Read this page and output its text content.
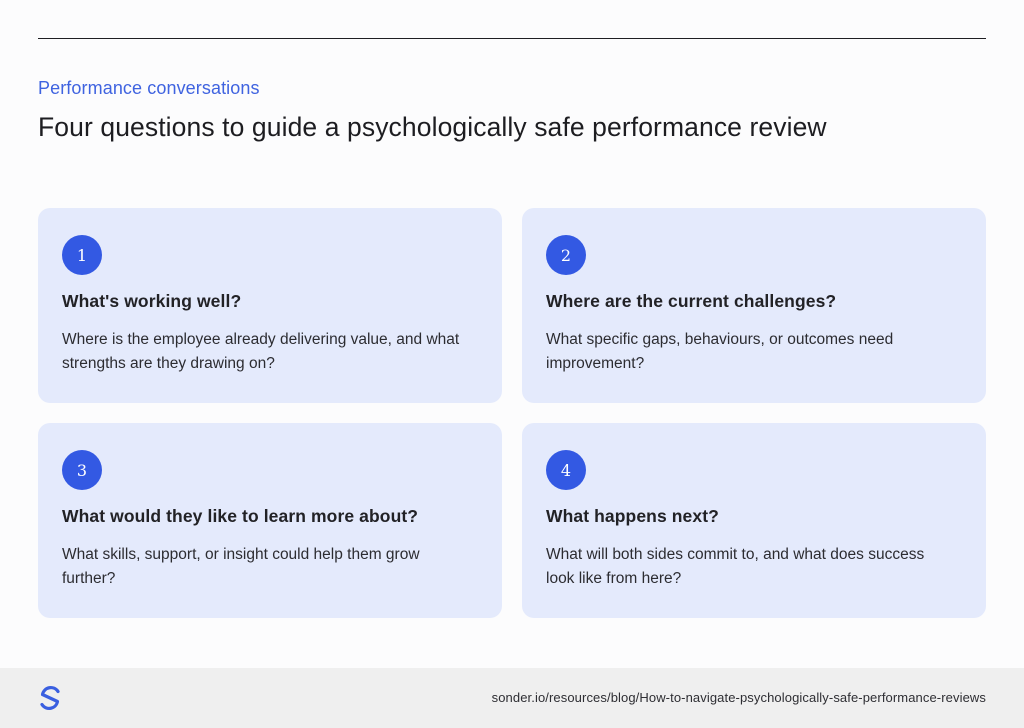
Performance conversations
Four questions to guide a psychologically safe performance review
1
What's working well?

Where is the employee already delivering value, and what strengths are they drawing on?

2
Where are the current challenges?

What specific gaps, behaviours, or outcomes need improvement?

3
What would they like to learn more about?

What skills, support, or insight could help them grow further?

4
What happens next?

What will both sides commit to, and what does success look like from here?

sonder.io/resources/blog/How-to-navigate-psychologically-safe-performance-reviews
